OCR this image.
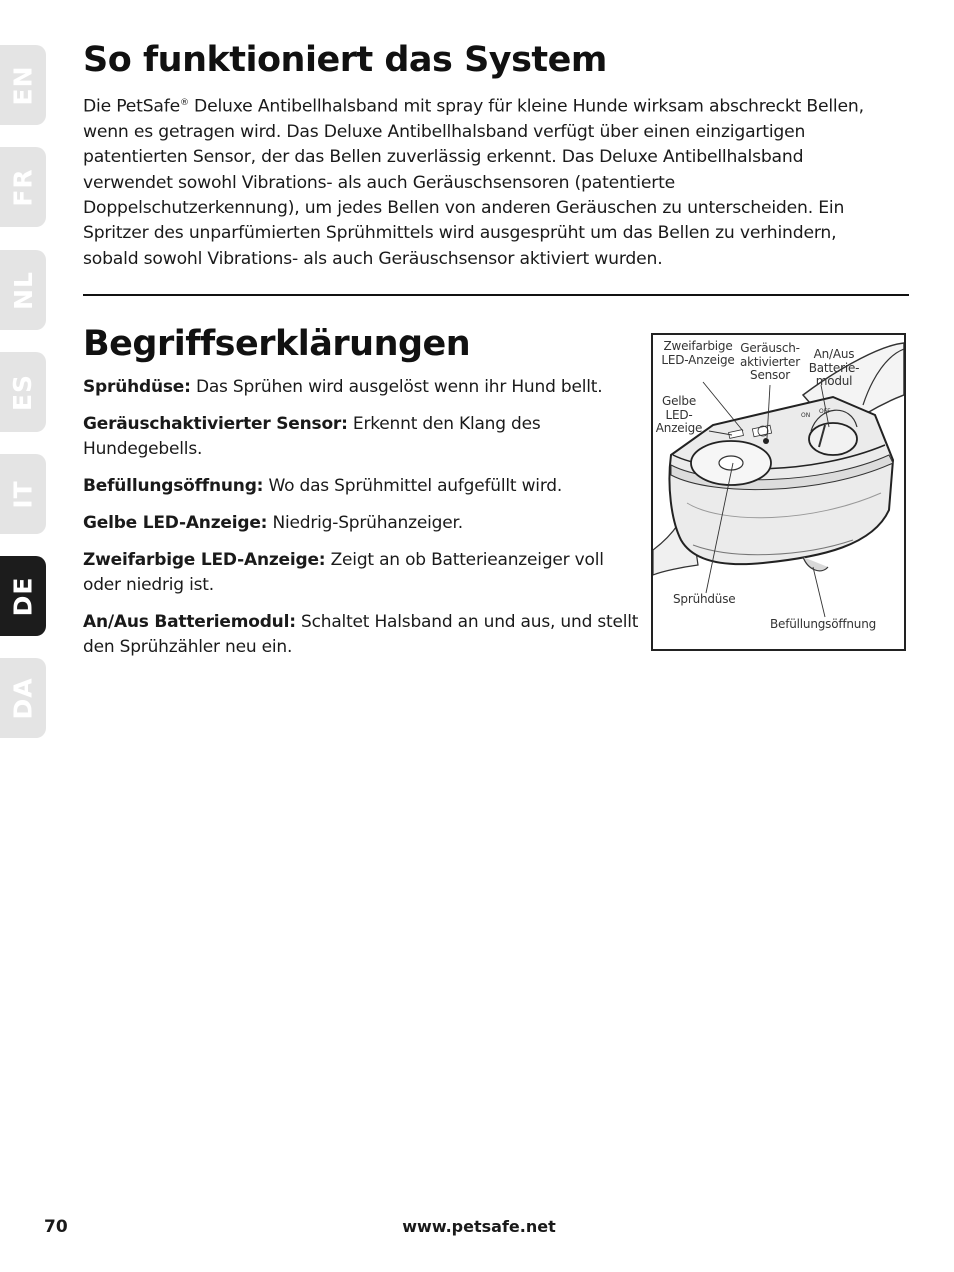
EN
FR
NL
ES
IT
DE
DA
So funktioniert das System

Die PetSafe® Deluxe Antibellhalsband mit spray für kleine Hunde wirksam abschreckt Bellen, wenn es getragen wird. Das Deluxe Antibellhalsband verfügt über einen einzigartigen patentierten Sensor, der das Bellen zuverlässig erkennt. Das Deluxe Antibellhalsband verwendet sowohl Vibrations- als auch Geräuschsensoren (patentierte Doppelschutzerkennung), um jedes Bellen von anderen Geräuschen zu unterscheiden. Ein Spritzer des unparfümierten Sprühmittels wird ausgesprüht um das Bellen zu verhindern, sobald sowohl Vibrations- als auch Geräuschsensor aktiviert wurden.

Begriffserklärungen

Sprühdüse: Das Sprühen wird ausgelöst wenn ihr Hund bellt.

Geräuschaktivierter Sensor: Erkennt den Klang des Hundegebells.

Befüllungsöffnung: Wo das Sprühmittel aufgefüllt wird.

Gelbe LED-Anzeige: Niedrig-Sprühanzeiger.

Zweifarbige LED-Anzeige: Zeigt an ob Batterieanzeiger voll oder niedrig ist.

An/Aus Batteriemodul: Schaltet Halsband an und aus, und stellt den Sprühzähler neu ein.

ON
OFF
Zweifarbige LED-Anzeige
Geräusch-aktivierter Sensor
An/Aus Batterie-modul
Gelbe LED-Anzeige
Sprühdüse
Befüllungsöffnung
70	www.petsafe.net
